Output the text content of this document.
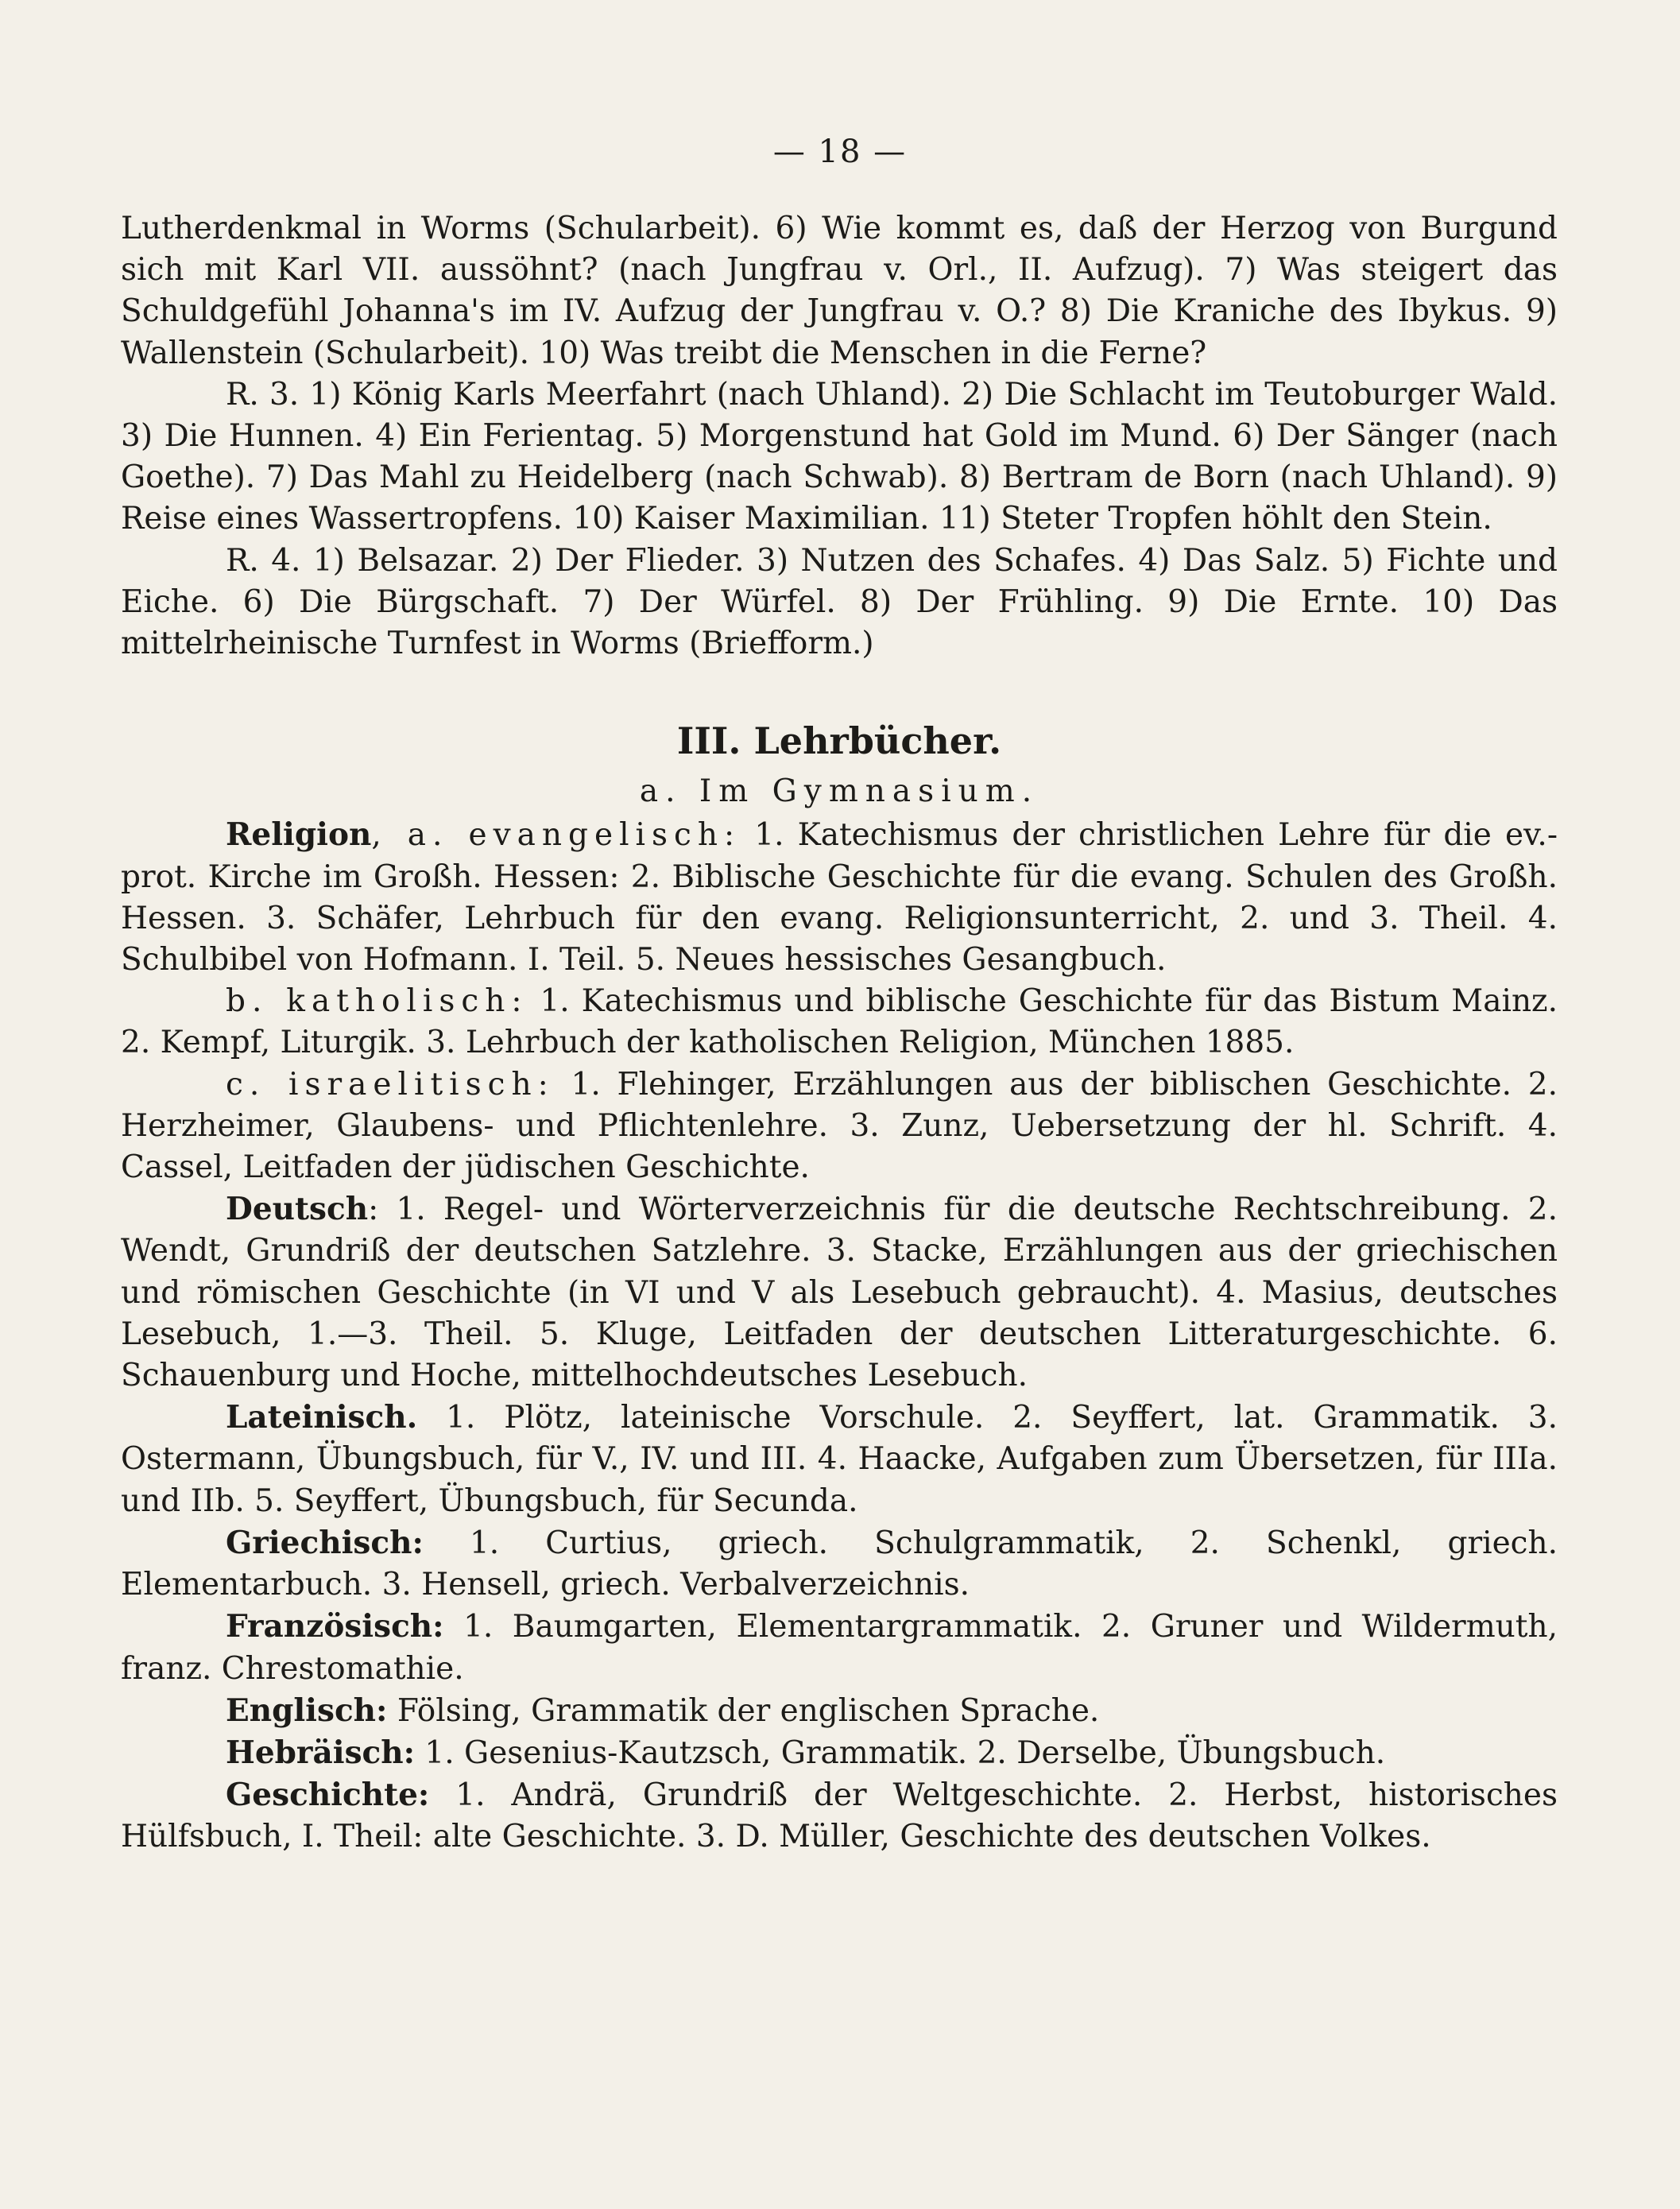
— 18 —

Lutherdenkmal in Worms (Schularbeit). 6) Wie kommt es, daß der Herzog von Burgund sich mit Karl VII. aussöhnt? (nach Jungfrau v. Orl., II. Aufzug). 7) Was steigert das Schuldgefühl Johanna's im IV. Aufzug der Jungfrau v. O.? 8) Die Kraniche des Ibykus. 9) Wallenstein (Schularbeit). 10) Was treibt die Menschen in die Ferne?

R. 3. 1) König Karls Meerfahrt (nach Uhland). 2) Die Schlacht im Teutoburger Wald. 3) Die Hunnen. 4) Ein Ferientag. 5) Morgenstund hat Gold im Mund. 6) Der Sänger (nach Goethe). 7) Das Mahl zu Heidelberg (nach Schwab). 8) Bertram de Born (nach Uhland). 9) Reise eines Wassertropfens. 10) Kaiser Maximilian. 11) Steter Tropfen höhlt den Stein.

R. 4. 1) Belsazar. 2) Der Flieder. 3) Nutzen des Schafes. 4) Das Salz. 5) Fichte und Eiche. 6) Die Bürgschaft. 7) Der Würfel. 8) Der Frühling. 9) Die Ernte. 10) Das mittelrheinische Turnfest in Worms (Briefform.)

III. Lehrbücher.

a. Im Gymnasium.

Religion, a. evangelisch: 1. Katechismus der christlichen Lehre für die ev.-prot. Kirche im Großh. Hessen: 2. Biblische Geschichte für die evang. Schulen des Großh. Hessen. 3. Schäfer, Lehrbuch für den evang. Religionsunterricht, 2. und 3. Theil. 4. Schulbibel von Hofmann. I. Teil. 5. Neues hessisches Gesangbuch.

b. katholisch: 1. Katechismus und biblische Geschichte für das Bistum Mainz. 2. Kempf, Liturgik. 3. Lehrbuch der katholischen Religion, München 1885.

c. israelitisch: 1. Flehinger, Erzählungen aus der biblischen Geschichte. 2. Herzheimer, Glaubens- und Pflichtenlehre. 3. Zunz, Uebersetzung der hl. Schrift. 4. Cassel, Leitfaden der jüdischen Geschichte.

Deutsch: 1. Regel- und Wörterverzeichnis für die deutsche Rechtschreibung. 2. Wendt, Grundriß der deutschen Satzlehre. 3. Stacke, Erzählungen aus der griechischen und römischen Geschichte (in VI und V als Lesebuch gebraucht). 4. Masius, deutsches Lesebuch, 1.—3. Theil. 5. Kluge, Leitfaden der deutschen Litteraturgeschichte. 6. Schauenburg und Hoche, mittelhochdeutsches Lesebuch.

Lateinisch. 1. Plötz, lateinische Vorschule. 2. Seyffert, lat. Grammatik. 3. Ostermann, Übungsbuch, für V., IV. und III. 4. Haacke, Aufgaben zum Übersetzen, für IIIa. und IIb. 5. Seyffert, Übungsbuch, für Secunda.

Griechisch: 1. Curtius, griech. Schulgrammatik, 2. Schenkl, griech. Elementarbuch. 3. Hensell, griech. Verbalverzeichnis.

Französisch: 1. Baumgarten, Elementargrammatik. 2. Gruner und Wildermuth, franz. Chrestomathie.

Englisch: Fölsing, Grammatik der englischen Sprache.

Hebräisch: 1. Gesenius-Kautzsch, Grammatik. 2. Derselbe, Übungsbuch.

Geschichte: 1. Andrä, Grundriß der Weltgeschichte. 2. Herbst, historisches Hülfsbuch, I. Theil: alte Geschichte. 3. D. Müller, Geschichte des deutschen Volkes.
